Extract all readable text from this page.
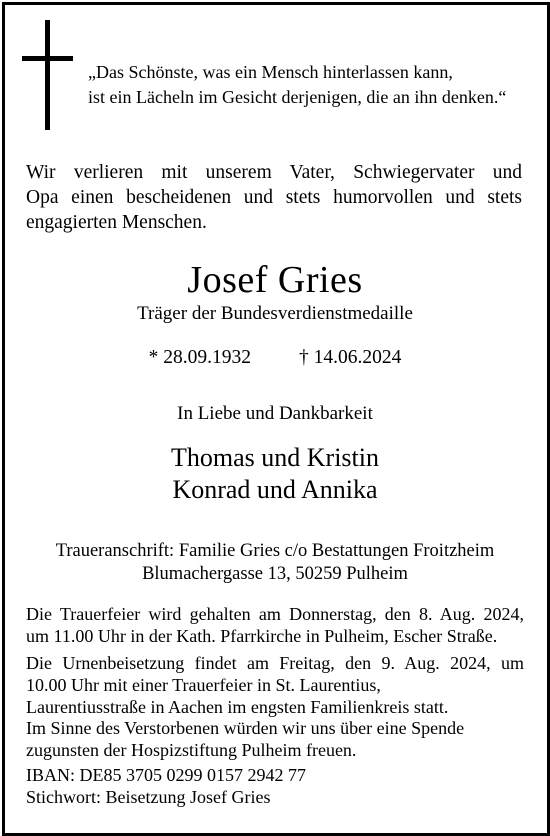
„Das Schönste, was ein Mensch hinterlassen kann,
ist ein Lächeln im Gesicht derjenigen, die an ihn denken.“
Wir verlieren mit unserem Vater, Schwiegervater und
Opa einen bescheidenen und stets humorvollen und stets
engagierten Menschen.
Josef Gries
Träger der Bundesverdienstmedaille
* 28.09.1932 † 14.06.2024
In Liebe und Dankbarkeit
Thomas und Kristin
Konrad und Annika
Traueranschrift: Familie Gries c/o Bestattungen Froitzheim
Blumachergasse 13, 50259 Pulheim
Die Trauerfeier wird gehalten am Donnerstag, den 8. Aug. 2024,
um 11.00 Uhr in der Kath. Pfarrkirche in Pulheim, Escher Straße.
Die Urnenbeisetzung findet am Freitag, den 9. Aug. 2024, um
10.00 Uhr mit einer Trauerfeier in St. Laurentius,
Laurentiusstraße in Aachen im engsten Familienkreis statt.
Im Sinne des Verstorbenen würden wir uns über eine Spende
zugunsten der Hospizstiftung Pulheim freuen.
IBAN: DE85 3705 0299 0157 2942 77
Stichwort: Beisetzung Josef Gries
